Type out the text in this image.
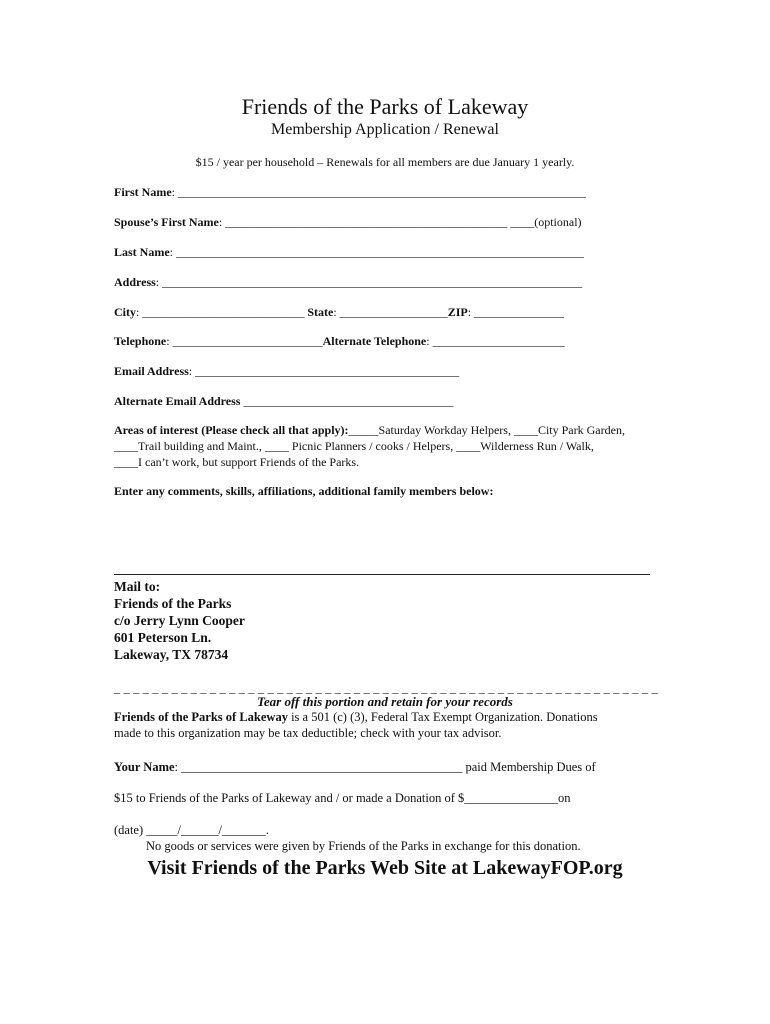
Friends of the Parks of Lakeway
Membership Application / Renewal
$15 / year per household – Renewals for all members are due January 1 yearly.
First Name: ____________________________________________________________________
Spouse’s First Name: _______________________________________________ ____(optional)
Last Name: ____________________________________________________________________
Address: ______________________________________________________________________
City: ___________________________ State: __________________ZIP: _______________
Telephone: _________________________Alternate Telephone: ______________________
Email Address: ____________________________________________
Alternate Email Address ___________________________________
Areas of interest (Please check all that apply):_____Saturday Workday Helpers, ____City Park Garden,
____Trail building and Maint., ____ Picnic Planners / cooks / Helpers, ____Wilderness Run / Walk,
____I can’t work, but support Friends of the Parks.
Enter any comments, skills, affiliations, additional family members below:
Mail to:
Friends of the Parks
c/o Jerry Lynn Cooper
601 Peterson Ln.
Lakeway, TX 78734
_ _ _ _ _ _ _ _ _ _ _ _ _ _ _ _ _ _ _ _ _ _ _ _ _ _ _ _ _ _ _ _ _ _ _ _ _ _ _ _ _ _ _ _ _ _ _ _ _ _ _ _ _ _ _ _ _
Tear off this portion and retain for your records
Friends of the Parks of Lakeway is a 501 (c) (3), Federal Tax Exempt Organization. Donations
made to this organization may be tax deductible; check with your tax advisor.
Your Name: _____________________________________________ paid Membership Dues of
$15 to Friends of the Parks of Lakeway and / or made a Donation of $_______________on
(date) _____/______/_______.
No goods or services were given by Friends of the Parks in exchange for this donation.
Visit Friends of the Parks Web Site at LakewayFOP.org
